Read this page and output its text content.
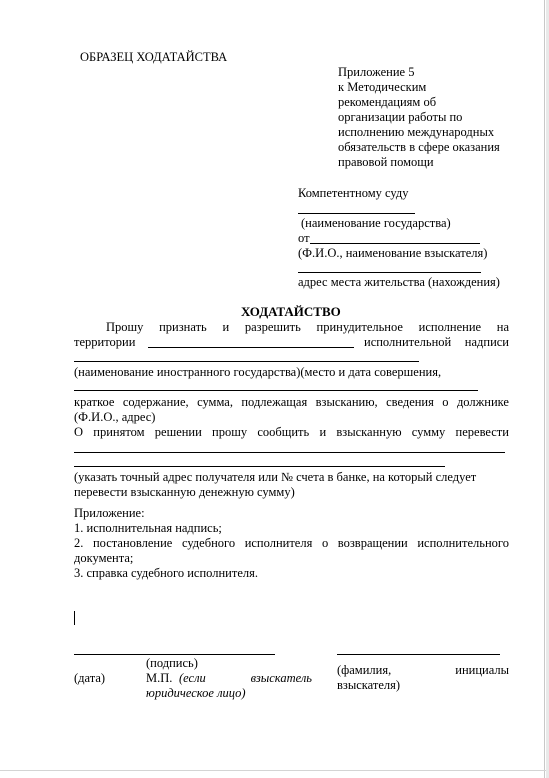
ОБРАЗЕЦ ХОДАТАЙСТВА
Приложение 5
к Методическим
рекомендациям об
организации работы по
исполнению международных
обязательств в сфере оказания
правовой помощи
Компетентному суду
(наименование государства)
от
(Ф.И.О., наименование взыскателя)
адрес места жительства (нахождения)
ХОДАТАЙСТВО
Прошу признать и разрешить принудительное исполнение на
территории	исполнительной надписи
(наименование иностранного государства)(место и дата совершения,
краткое содержание, сумма, подлежащая взысканию, сведения о должнике
(Ф.И.О., адрес)
О принятом решении прошу сообщить и взысканную сумму перевести
(указать точный адрес получателя или № счета в банке, на который следует
перевести взысканную денежную сумму)
Приложение:
1. исполнительная надпись;
2. постановление судебного исполнителя о возвращении исполнительного
документа;
3. справка судебного исполнителя.
(подпись)
(дата)	М.П. (если	взыскатель
юридическое лицо)
(фамилия,	инициалы
взыскателя)
